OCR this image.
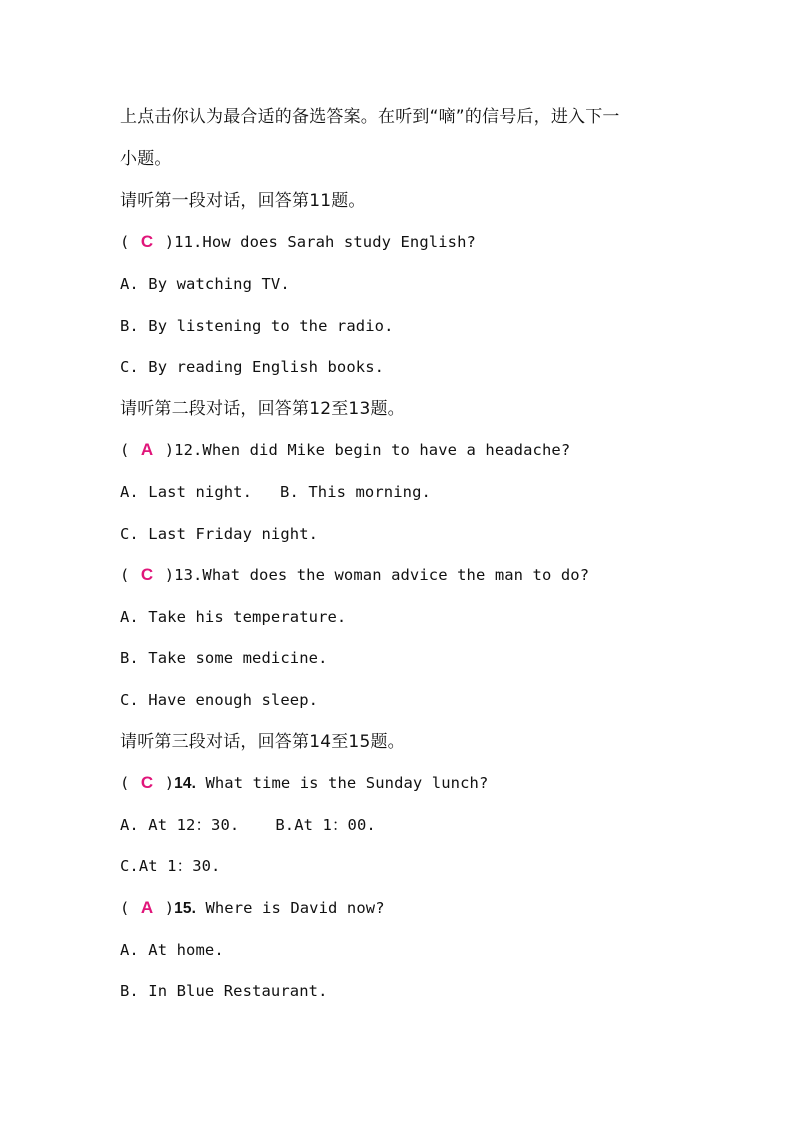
上点击你认为最合适的备选答案。在听到“嘀”的信号后，进入下一
小题。
请听第一段对话，回答第11题。
( C )11.How does Sarah study English?
A. By watching TV.
B. By listening to the radio.
C. By reading English books.
请听第二段对话，回答第12至13题。
( A )12.When did Mike begin to have a headache?
A. Last night. B. This morning.
C. Last Friday night.
( C )13.What does the woman advice the man to do?
A. Take his temperature.
B. Take some medicine.
C. Have enough sleep.
请听第三段对话，回答第14至15题。
( C )14. What time is the Sunday lunch?
A. At 12：30. B.At 1：00.
C.At 1：30.
( A )15. Where is David now?
A. At home.
B. In Blue Restaurant.
